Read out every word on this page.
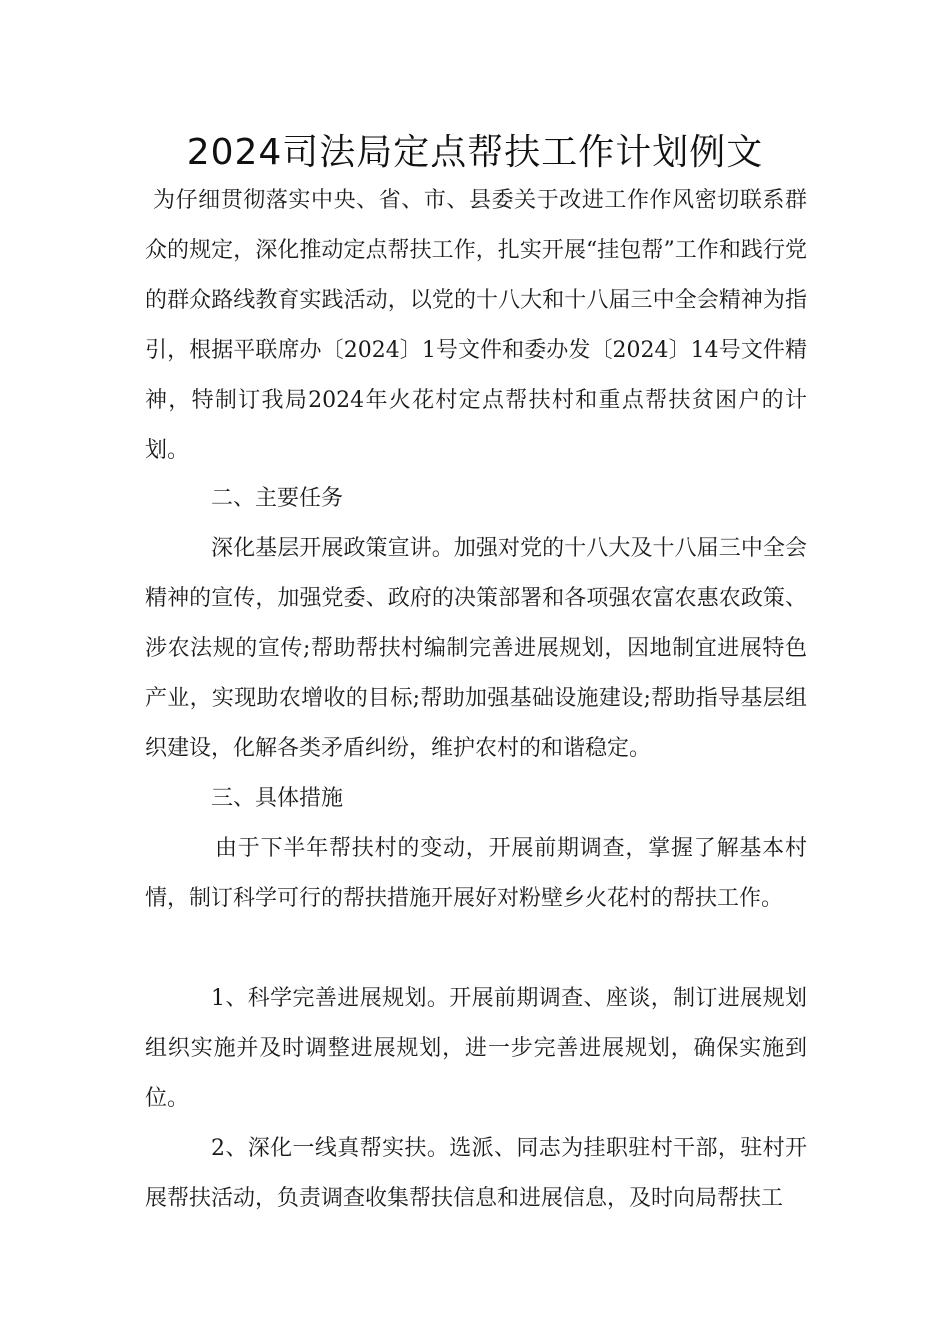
2024司法局定点帮扶工作计划例文

为仔细贯彻落实中央、省、市、县委关于改进工作作风密切联系群众的规定，深化推动定点帮扶工作，扎实开展“挂包帮”工作和践行党的群众路线教育实践活动，以党的十八大和十八届三中全会精神为指引，根据平联席办〔2024〕1号文件和委办发〔2024〕14号文件精神，特制订我局2024年火花村定点帮扶村和重点帮扶贫困户的计划。

二、主要任务

深化基层开展政策宣讲。加强对党的十八大及十八届三中全会精神的宣传，加强党委、政府的决策部署和各项强农富农惠农政策、涉农法规的宣传;帮助帮扶村编制完善进展规划，因地制宜进展特色产业，实现助农增收的目标;帮助加强基础设施建设;帮助指导基层组织建设，化解各类矛盾纠纷，维护农村的和谐稳定。

三、具体措施

由于下半年帮扶村的变动，开展前期调查，掌握了解基本村情，制订科学可行的帮扶措施开展好对粉壁乡火花村的帮扶工作。

1、科学完善进展规划。开展前期调查、座谈，制订进展规划组织实施并及时调整进展规划，进一步完善进展规划，确保实施到位。

2、深化一线真帮实扶。选派、同志为挂职驻村干部，驻村开展帮扶活动，负责调查收集帮扶信息和进展信息，及时向局帮扶工
